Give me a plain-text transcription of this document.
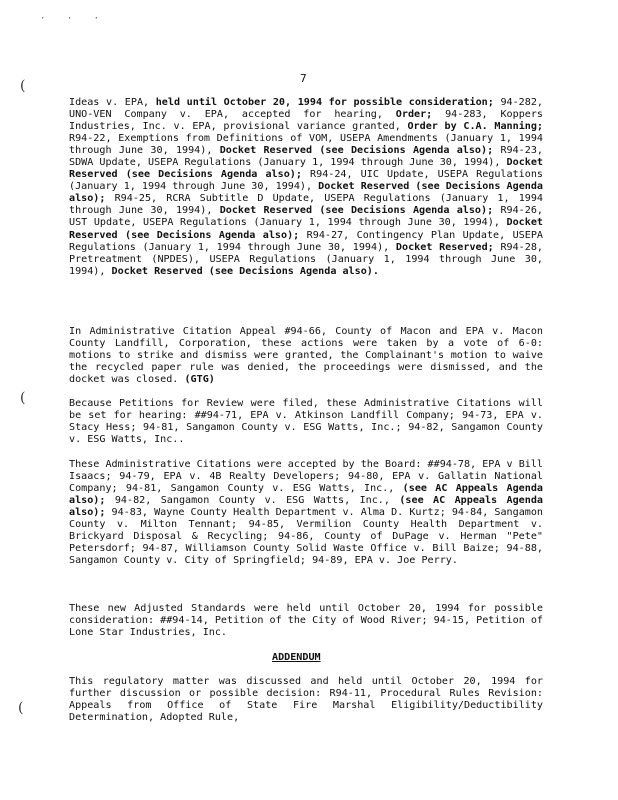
· · ·
(
(
(
7

Ideas v. EPA, held until October 20, 1994 for possible consideration; 94-282, UNO-VEN Company v. EPA, accepted for hearing, Order; 94-283, Koppers Industries, Inc. v. EPA, provisional variance granted, Order by C.A. Manning; R94-22, Exemptions from Definitions of VOM, USEPA Amendments (January 1, 1994 through June 30, 1994), Docket Reserved (see Decisions Agenda also); R94-23, SDWA Update, USEPA Regulations (January 1, 1994 through June 30, 1994), Docket Reserved (see Decisions Agenda also); R94-24, UIC Update, USEPA Regulations (January 1, 1994 through June 30, 1994), Docket Reserved (see Decisions Agenda also); R94-25, RCRA Subtitle D Update, USEPA Regulations (January 1, 1994 through June 30, 1994), Docket Reserved (see Decisions Agenda also); R94-26, UST Update, USEPA Regulations (January 1, 1994 through June 30, 1994), Docket Reserved (see Decisions Agenda also); R94-27, Contingency Plan Update, USEPA Regulations (January 1, 1994 through June 30, 1994), Docket Reserved; R94-28, Pretreatment (NPDES), USEPA Regulations (January 1, 1994 through June 30, 1994), Docket Reserved (see Decisions Agenda also).

In Administrative Citation Appeal #94-66, County of Macon and EPA v. Macon County Landfill, Corporation, these actions were taken by a vote of 6-0: motions to strike and dismiss were granted, the Complainant's motion to waive the recycled paper rule was denied, the proceedings were dismissed, and the docket was closed. (GTG)

Because Petitions for Review were filed, these Administrative Citations will be set for hearing: ##94-71, EPA v. Atkinson Landfill Company; 94-73, EPA v. Stacy Hess; 94-81, Sangamon County v. ESG Watts, Inc.; 94-82, Sangamon County v. ESG Watts, Inc..

These Administrative Citations were accepted by the Board: ##94-78, EPA v Bill Isaacs; 94-79, EPA v. 4B Realty Developers; 94-80, EPA v. Gallatin National Company; 94-81, Sangamon County v. ESG Watts, Inc., (see AC Appeals Agenda also); 94-82, Sangamon County v. ESG Watts, Inc., (see AC Appeals Agenda also); 94-83, Wayne County Health Department v. Alma D. Kurtz; 94-84, Sangamon County v. Milton Tennant; 94-85, Vermilion County Health Department v. Brickyard Disposal & Recycling; 94-86, County of DuPage v. Herman "Pete" Petersdorf; 94-87, Williamson County Solid Waste Office v. Bill Baize; 94-88, Sangamon County v. City of Springfield; 94-89, EPA v. Joe Perry.

These new Adjusted Standards were held until October 20, 1994 for possible consideration: ##94-14, Petition of the City of Wood River; 94-15, Petition of Lone Star Industries, Inc.

ADDENDUM

This regulatory matter was discussed and held until October 20, 1994 for further discussion or possible decision: R94-11, Procedural Rules Revision: Appeals from Office of State Fire Marshal Eligibility/Deductibility Determination, Adopted Rule,
